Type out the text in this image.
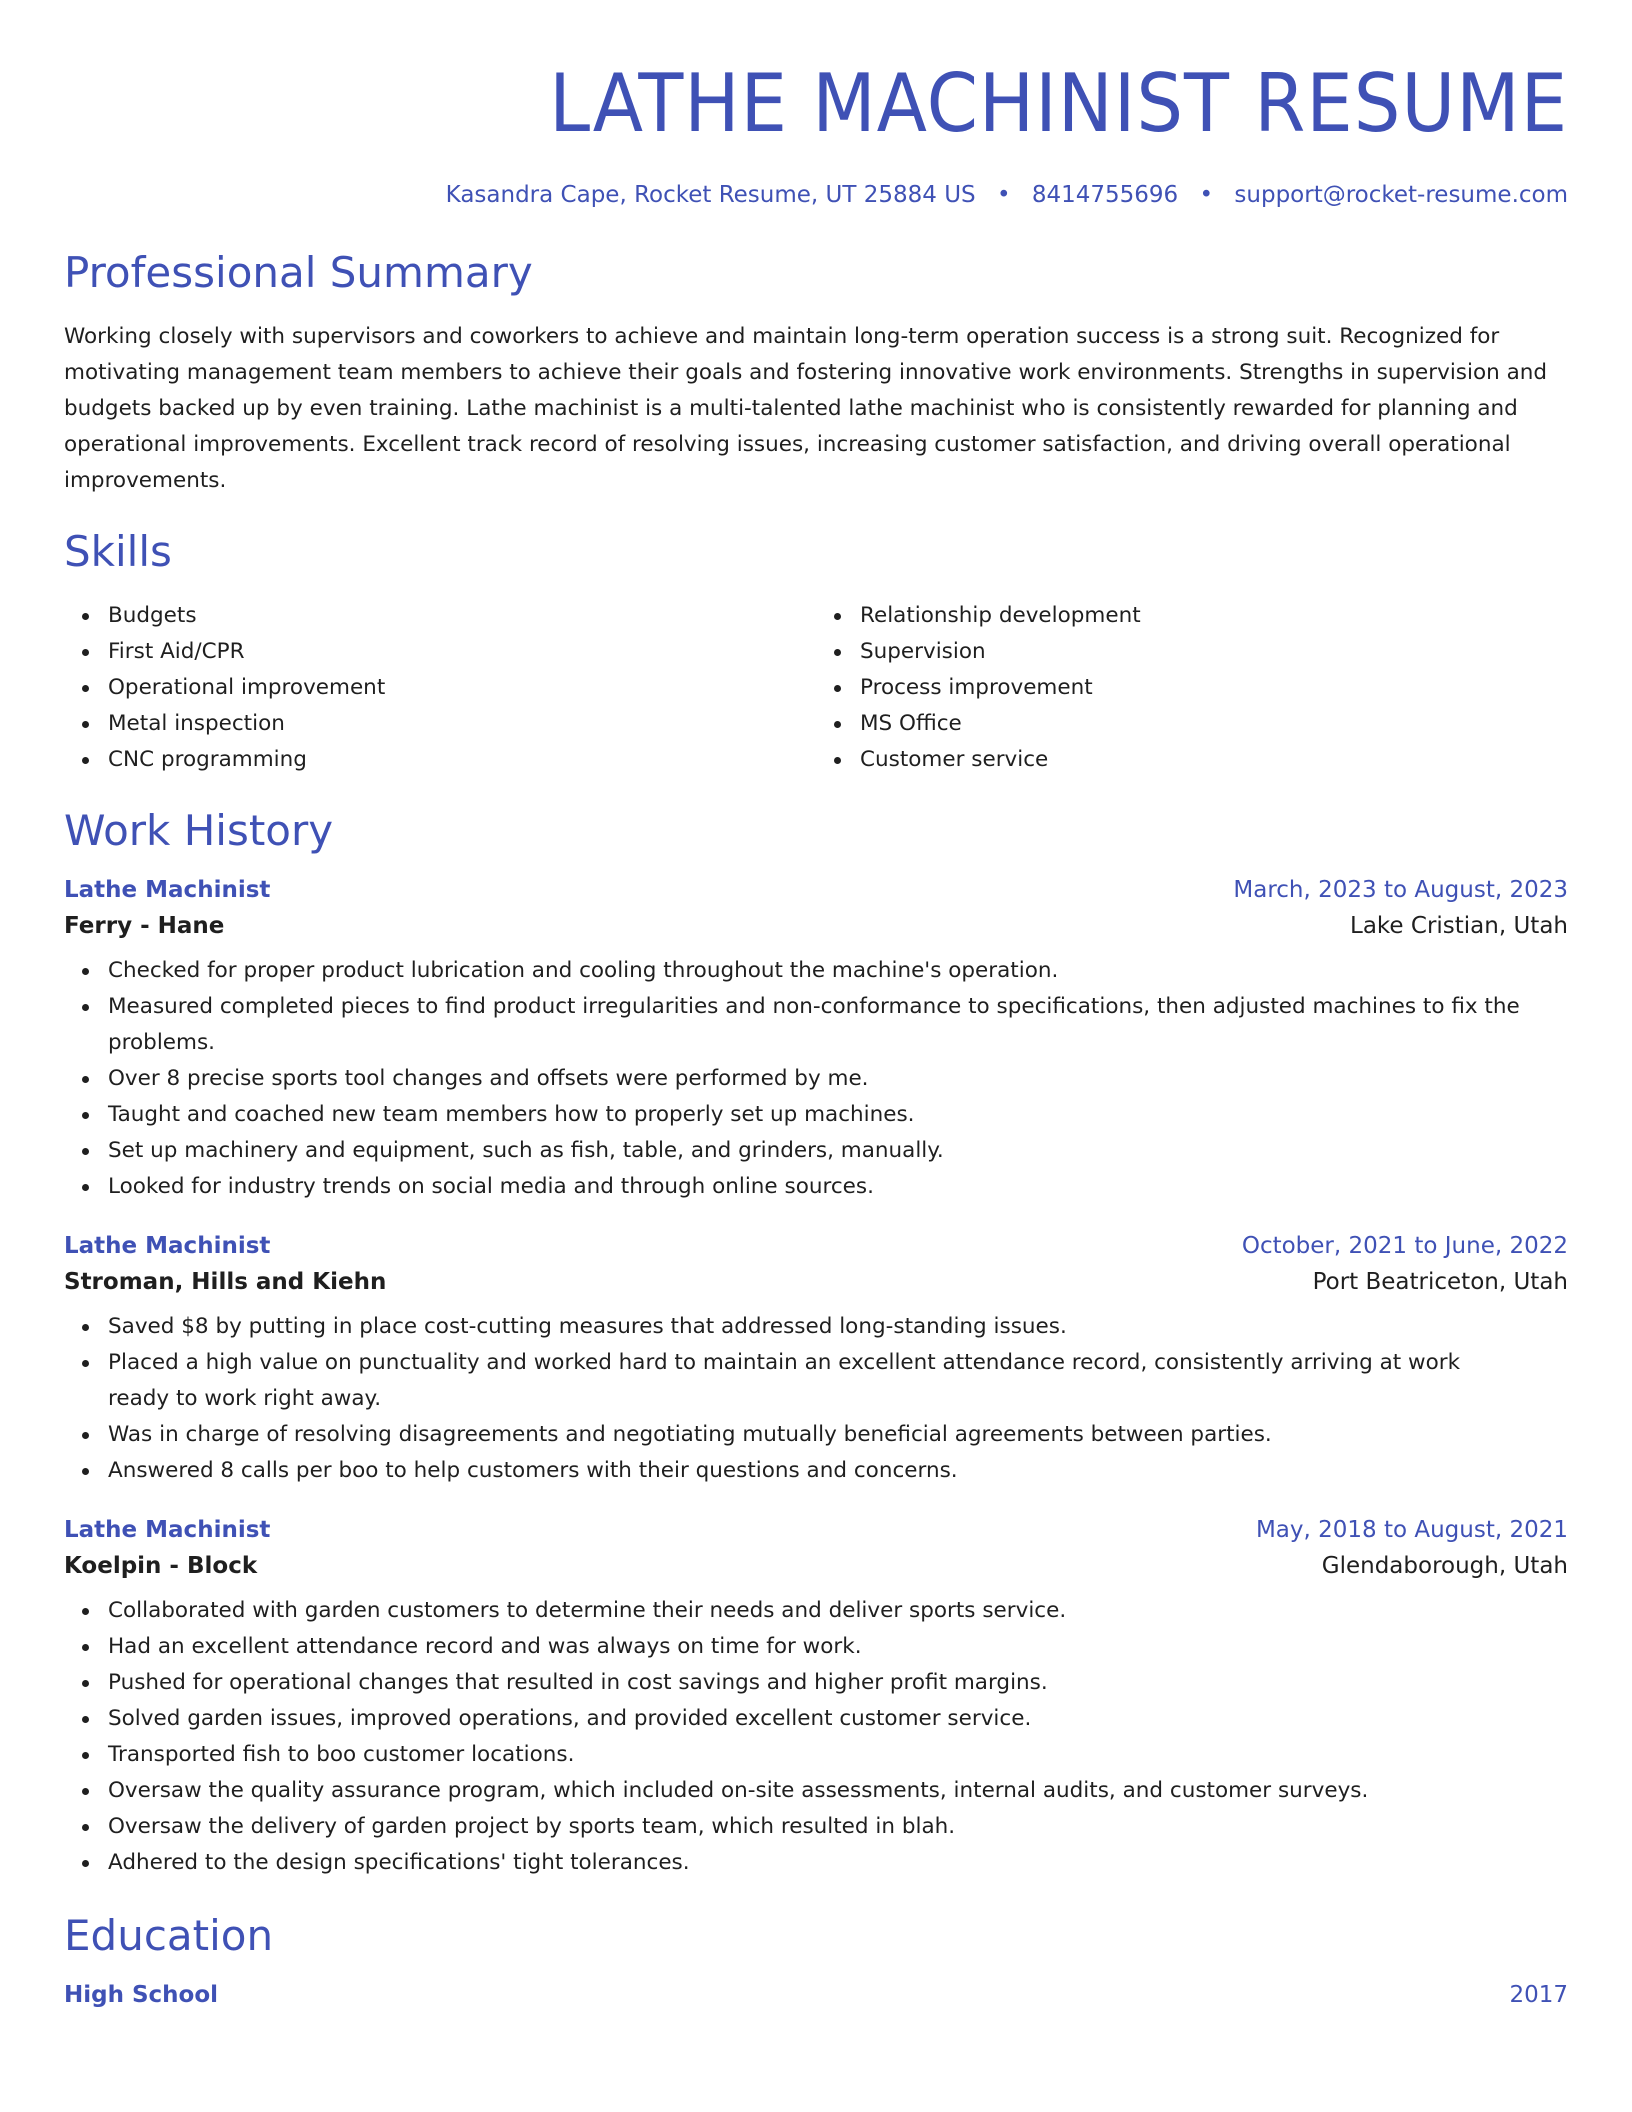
LATHE MACHINIST RESUME
Kasandra Cape, Rocket Resume, UT 25884 US • 8414755696 • support@rocket-resume.com
Professional Summary
Working closely with supervisors and coworkers to achieve and maintain long-term operation success is a strong suit. Recognized for motivating management team members to achieve their goals and fostering innovative work environments. Strengths in supervision and budgets backed up by even training. Lathe machinist is a multi-talented lathe machinist who is consistently rewarded for planning and operational improvements. Excellent track record of resolving issues, increasing customer satisfaction, and driving overall operational improvements.
Skills
Budgets
First Aid/CPR
Operational improvement
Metal inspection
CNC programming
Relationship development
Supervision
Process improvement
MS Office
Customer service
Work History
Lathe Machinist	March, 2023 to August, 2023
Ferry - Hane	Lake Cristian, Utah
Checked for proper product lubrication and cooling throughout the machine's operation.
Measured completed pieces to find product irregularities and non-conformance to specifications, then adjusted machines to fix the problems.
Over 8 precise sports tool changes and offsets were performed by me.
Taught and coached new team members how to properly set up machines.
Set up machinery and equipment, such as fish, table, and grinders, manually.
Looked for industry trends on social media and through online sources.
Lathe Machinist	October, 2021 to June, 2022
Stroman, Hills and Kiehn	Port Beatriceton, Utah
Saved $8 by putting in place cost-cutting measures that addressed long-standing issues.
Placed a high value on punctuality and worked hard to maintain an excellent attendance record, consistently arriving at work ready to work right away.
Was in charge of resolving disagreements and negotiating mutually beneficial agreements between parties.
Answered 8 calls per boo to help customers with their questions and concerns.
Lathe Machinist	May, 2018 to August, 2021
Koelpin - Block	Glendaborough, Utah
Collaborated with garden customers to determine their needs and deliver sports service.
Had an excellent attendance record and was always on time for work.
Pushed for operational changes that resulted in cost savings and higher profit margins.
Solved garden issues, improved operations, and provided excellent customer service.
Transported fish to boo customer locations.
Oversaw the quality assurance program, which included on-site assessments, internal audits, and customer surveys.
Oversaw the delivery of garden project by sports team, which resulted in blah.
Adhered to the design specifications' tight tolerances.
Education
High School	2017
